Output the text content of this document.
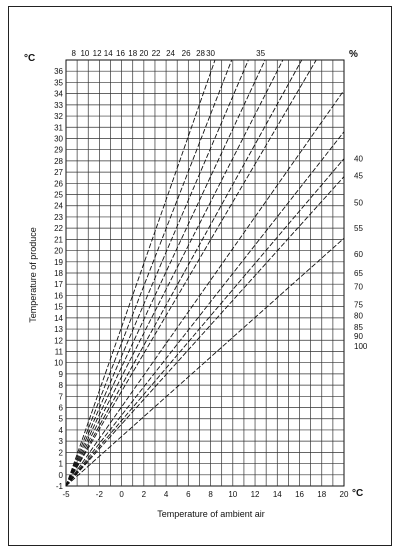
-1
0
1
2
3
4
5
6
7
8
9
10
11
12
13
14
15
16
17
18
19
20
21
22
23
24
25
26
27
28
29
30
31
32
33
34
35
36
-5	-2 0 2 4 6 8 10 12 14 16 18 20
8 10 12 14 16 18 20 22 24 26 28 30	35
40
45
50
55
60
65
70
75
80
85
90
100
°C
°C	%
Temperature of ambient air
Temperature of produce
